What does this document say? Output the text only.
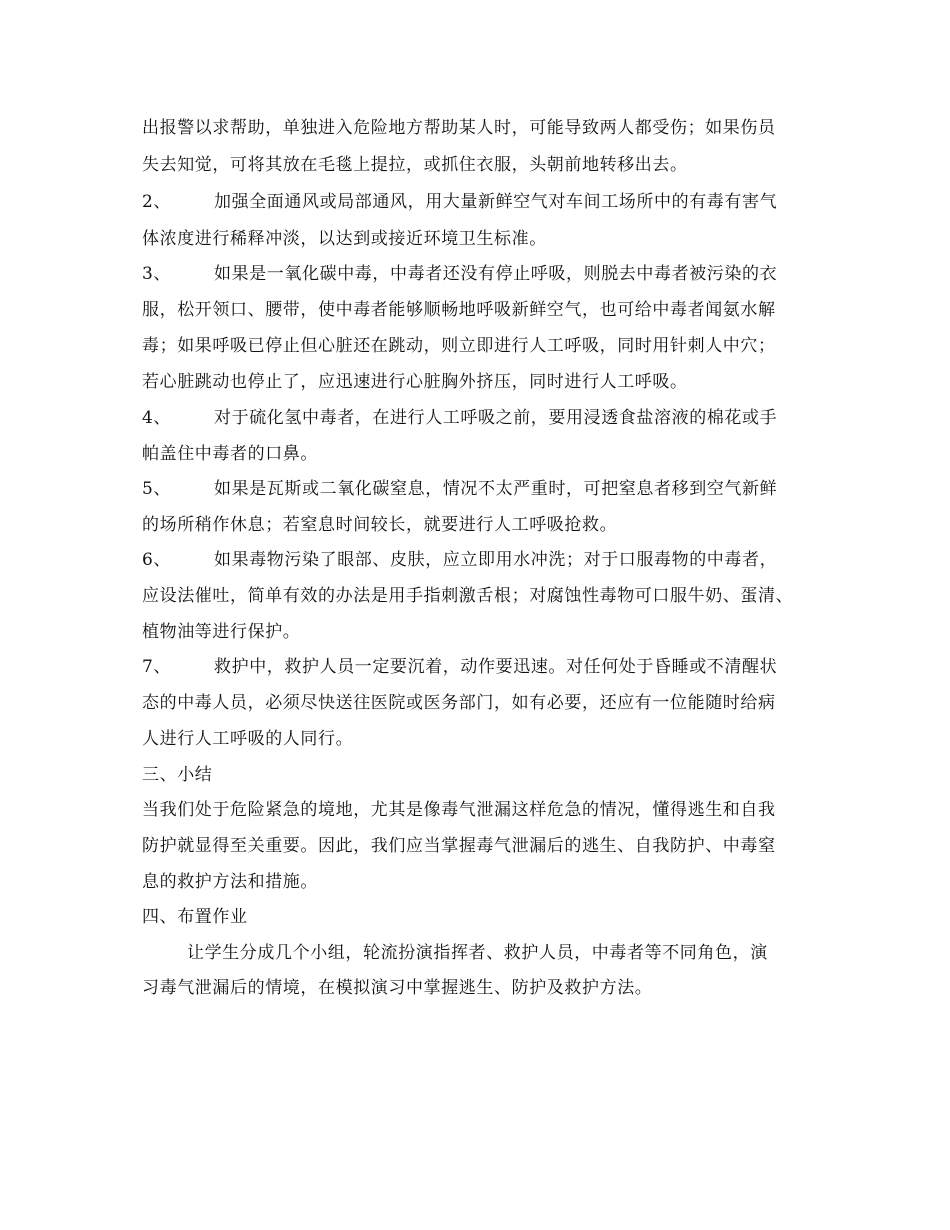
出报警以求帮助，单独进入危险地方帮助某人时，可能导致两人都受伤；如果伤员
失去知觉，可将其放在毛毯上提拉，或抓住衣服，头朝前地转移出去。
2、	加强全面通风或局部通风，用大量新鲜空气对车间工场所中的有毒有害气
体浓度进行稀释冲淡，以达到或接近环境卫生标准。
3、	如果是一氧化碳中毒，中毒者还没有停止呼吸，则脱去中毒者被污染的衣
服，松开领口、腰带，使中毒者能够顺畅地呼吸新鲜空气，也可给中毒者闻氨水解
毒；如果呼吸已停止但心脏还在跳动，则立即进行人工呼吸，同时用针刺人中穴；
若心脏跳动也停止了，应迅速进行心脏胸外挤压，同时进行人工呼吸。
4、	对于硫化氢中毒者，在进行人工呼吸之前，要用浸透食盐溶液的棉花或手
帕盖住中毒者的口鼻。
5、	如果是瓦斯或二氧化碳窒息，情况不太严重时，可把窒息者移到空气新鲜
的场所稍作休息；若窒息时间较长，就要进行人工呼吸抢救。
6、	如果毒物污染了眼部、皮肤，应立即用水冲洗；对于口服毒物的中毒者，
应设法催吐，简单有效的办法是用手指刺激舌根；对腐蚀性毒物可口服牛奶、蛋清、
植物油等进行保护。
7、	救护中，救护人员一定要沉着，动作要迅速。对任何处于昏睡或不清醒状
态的中毒人员，必须尽快送往医院或医务部门，如有必要，还应有一位能随时给病
人进行人工呼吸的人同行。
三、小结
当我们处于危险紧急的境地，尤其是像毒气泄漏这样危急的情况，懂得逃生和自我
防护就显得至关重要。因此，我们应当掌握毒气泄漏后的逃生、自我防护、中毒窒
息的救护方法和措施。
四、布置作业
让学生分成几个小组，轮流扮演指挥者、救护人员，中毒者等不同角色，演
习毒气泄漏后的情境，在模拟演习中掌握逃生、防护及救护方法。
